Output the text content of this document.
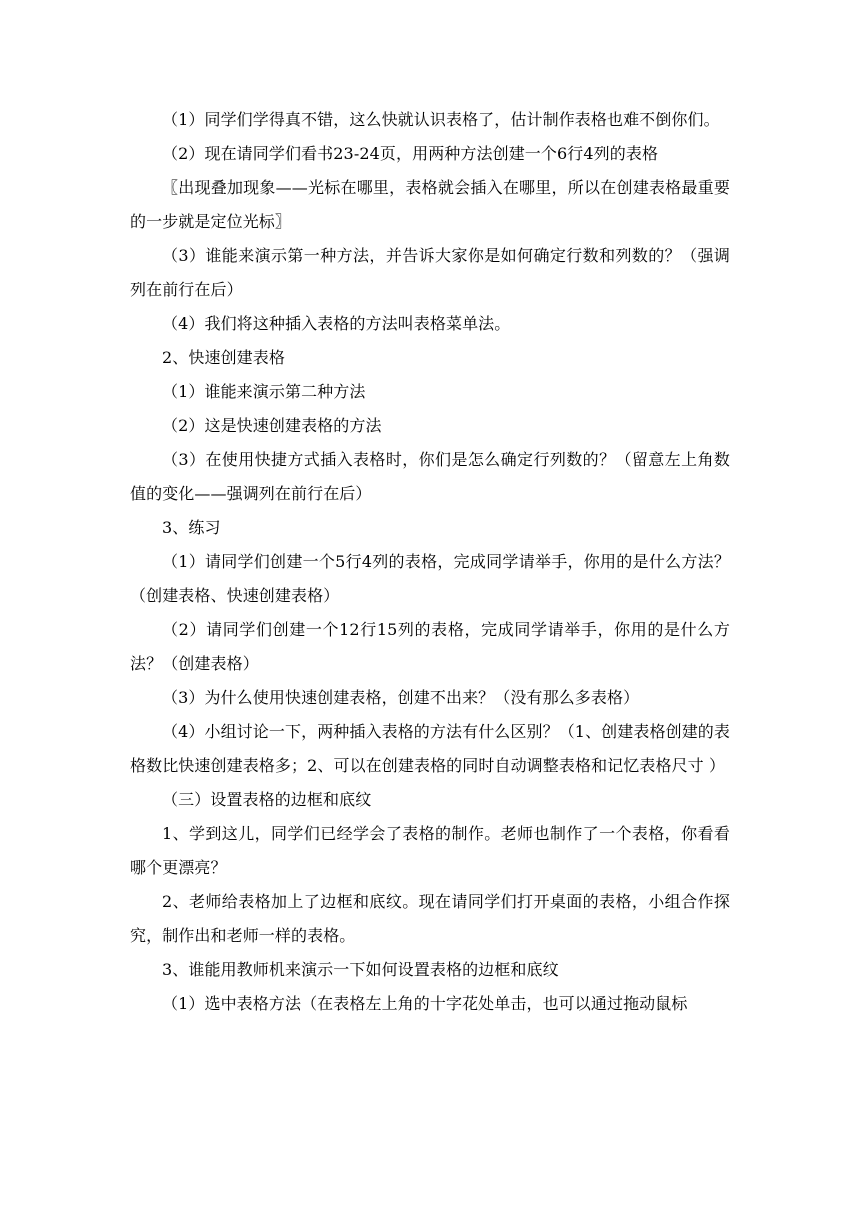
（1）同学们学得真不错，这么快就认识表格了，估计制作表格也难不倒你们。

（2）现在请同学们看书23-24页，用两种方法创建一个6行4列的表格

〖出现叠加现象——光标在哪里，表格就会插入在哪里，所以在创建表格最重要的一步就是定位光标〗

（3）谁能来演示第一种方法，并告诉大家你是如何确定行数和列数的？（强调列在前行在后）

（4）我们将这种插入表格的方法叫表格菜单法。

2、快速创建表格

（1）谁能来演示第二种方法

（2）这是快速创建表格的方法

（3）在使用快捷方式插入表格时，你们是怎么确定行列数的？（留意左上角数值的变化——强调列在前行在后）

3、练习

（1）请同学们创建一个5行4列的表格，完成同学请举手，你用的是什么方法？（创建表格、快速创建表格）

（2）请同学们创建一个12行15列的表格，完成同学请举手，你用的是什么方法？（创建表格）

（3）为什么使用快速创建表格，创建不出来？（没有那么多表格）

（4）小组讨论一下，两种插入表格的方法有什么区别？（1、创建表格创建的表格数比快速创建表格多；2、可以在创建表格的同时自动调整表格和记忆表格尺寸 ）

（三）设置表格的边框和底纹

1、学到这儿，同学们已经学会了表格的制作。老师也制作了一个表格，你看看哪个更漂亮？

2、老师给表格加上了边框和底纹。现在请同学们打开桌面的表格，小组合作探究，制作出和老师一样的表格。

3、谁能用教师机来演示一下如何设置表格的边框和底纹

（1）选中表格方法（在表格左上角的十字花处单击，也可以通过拖动鼠标
